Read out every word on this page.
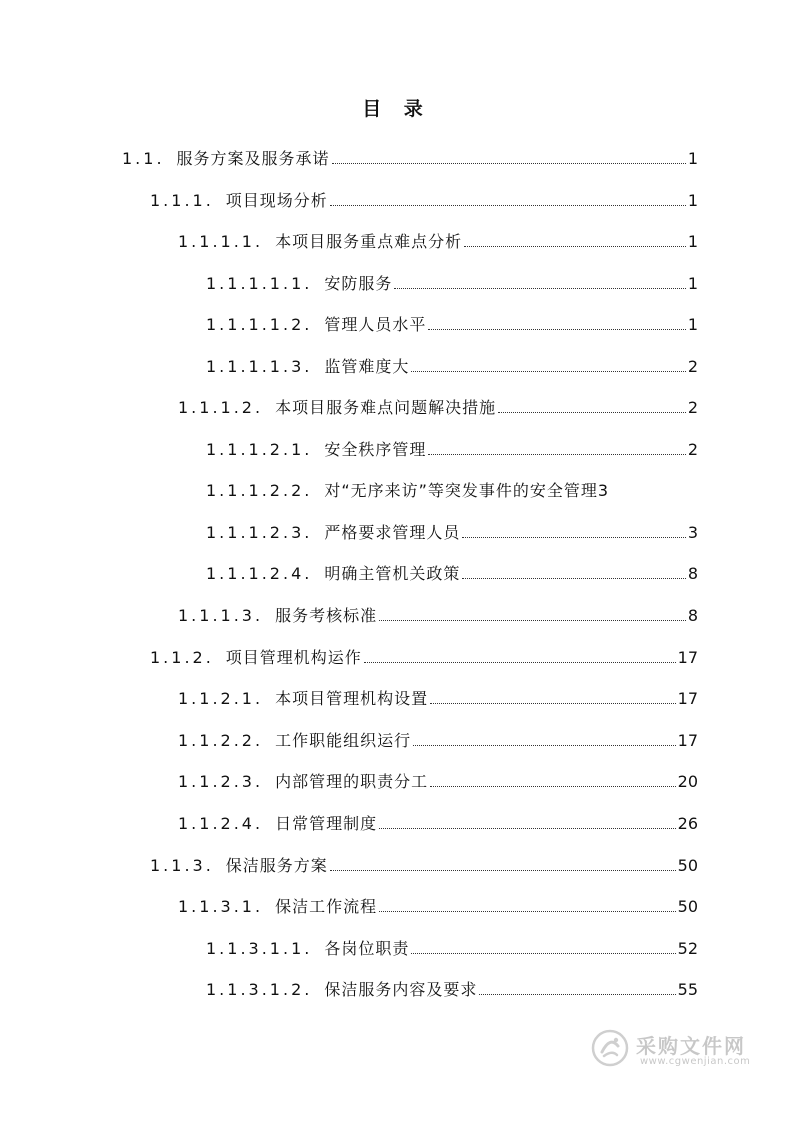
目 录
1.1. 服务方案及服务承诺	1
1.1.1. 项目现场分析	1
1.1.1.1. 本项目服务重点难点分析	1
1.1.1.1.1. 安防服务	1
1.1.1.1.2. 管理人员水平	1
1.1.1.1.3. 监管难度大	2
1.1.1.2. 本项目服务难点问题解决措施	2
1.1.1.2.1. 安全秩序管理	2
1.1.1.2.2. 对“无序来访”等突发事件的安全管理 3
1.1.1.2.3. 严格要求管理人员	3
1.1.1.2.4. 明确主管机关政策	8
1.1.1.3. 服务考核标准	8
1.1.2. 项目管理机构运作	17
1.1.2.1. 本项目管理机构设置	17
1.1.2.2. 工作职能组织运行	17
1.1.2.3. 内部管理的职责分工	20
1.1.2.4. 日常管理制度	26
1.1.3. 保洁服务方案	50
1.1.3.1. 保洁工作流程	50
1.1.3.1.1. 各岗位职责	52
1.1.3.1.2. 保洁服务内容及要求	55
采购文件网
www.cgwenjian.com
